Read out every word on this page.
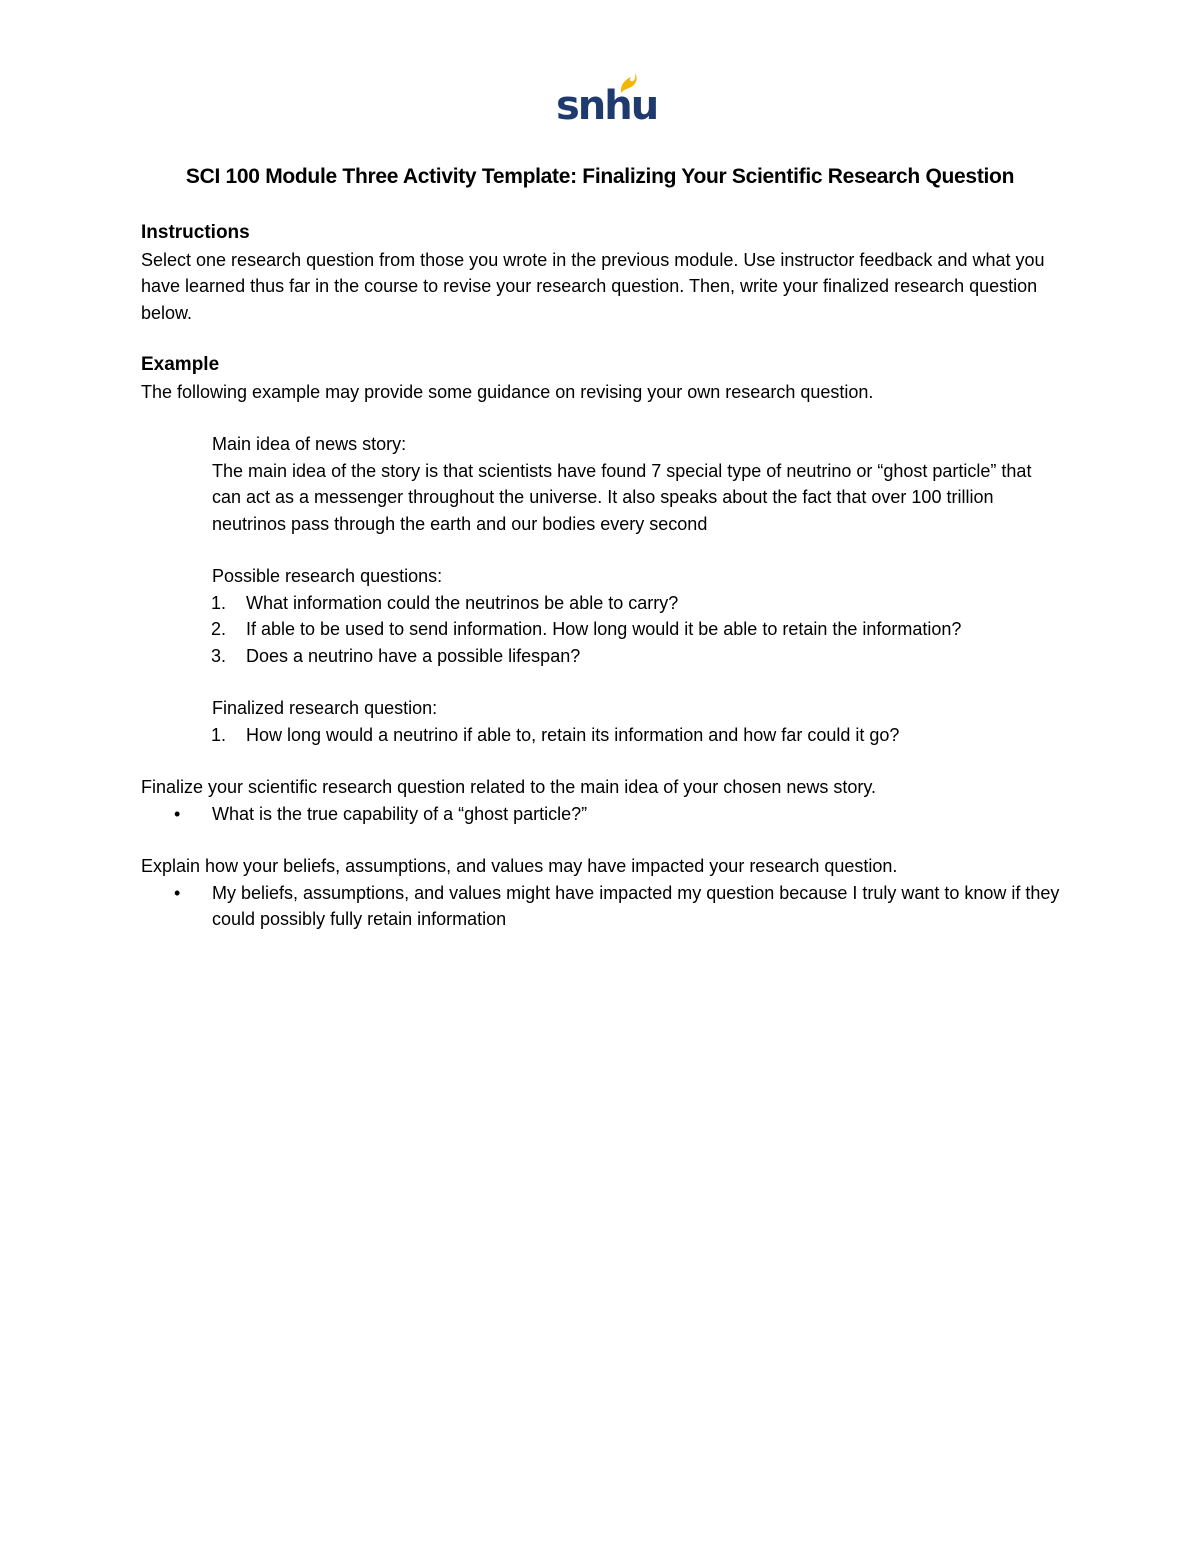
snhu
SCI 100 Module Three Activity Template: Finalizing Your Scientific Research Question

Instructions

Select one research question from those you wrote in the previous module. Use instructor feedback and what you have learned thus far in the course to revise your research question. Then, write your finalized research question below.

Example

The following example may provide some guidance on revising your own research question.

Main idea of news story:

The main idea of the story is that scientists have found 7 special type of neutrino or “ghost particle” that can act as a messenger throughout the universe. It also speaks about the fact that over 100 trillion neutrinos pass through the earth and our bodies every second

Possible research questions:

1. What information could the neutrinos be able to carry?
2. If able to be used to send information. How long would it be able to retain the information?
3. Does a neutrino have a possible lifespan?

Finalized research question:

1. How long would a neutrino if able to, retain its information and how far could it go?

Finalize your scientific research question related to the main idea of your chosen news story.

• What is the true capability of a “ghost particle?”

Explain how your beliefs, assumptions, and values may have impacted your research question.

• My beliefs, assumptions, and values might have impacted my question because I truly want to know if they could possibly fully retain information
